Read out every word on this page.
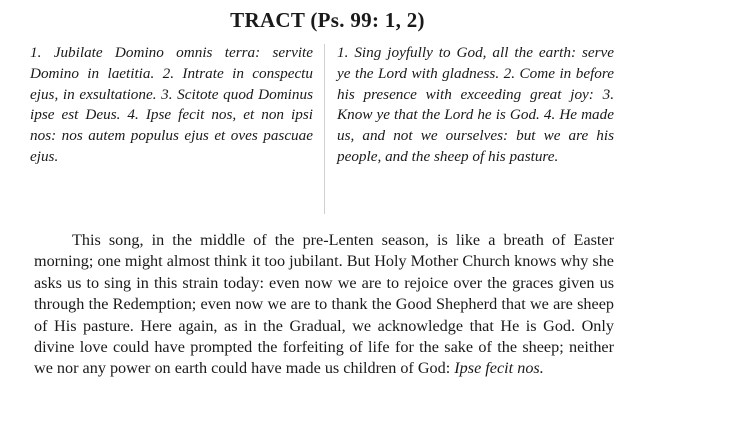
TRACT (Ps. 99: 1, 2)
1. Jubilate Domino omnis terra: servite Domino in laetitia. 2. Intrate in conspectu ejus, in exsultatione. 3. Scitote quod Dominus ipse est Deus. 4. Ipse fecit nos, et non ipsi nos: nos autem populus ejus et oves pascuae ejus.
1. Sing joyfully to God, all the earth: serve ye the Lord with gladness. 2. Come in before his presence with exceeding great joy: 3. Know ye that the Lord he is God. 4. He made us, and not we ourselves: but we are his people, and the sheep of his pasture.

This song, in the middle of the pre-Lenten season, is like a breath of Easter morning; one might almost think it too jubilant. But Holy Mother Church knows why she asks us to sing in this strain today: even now we are to rejoice over the graces given us through the Redemption; even now we are to thank the Good Shepherd that we are sheep of His pasture. Here again, as in the Gradual, we acknowledge that He is God. Only divine love could have prompted the forfeiting of life for the sake of the sheep; neither we nor any power on earth could have made us children of God: Ipse fecit nos.
